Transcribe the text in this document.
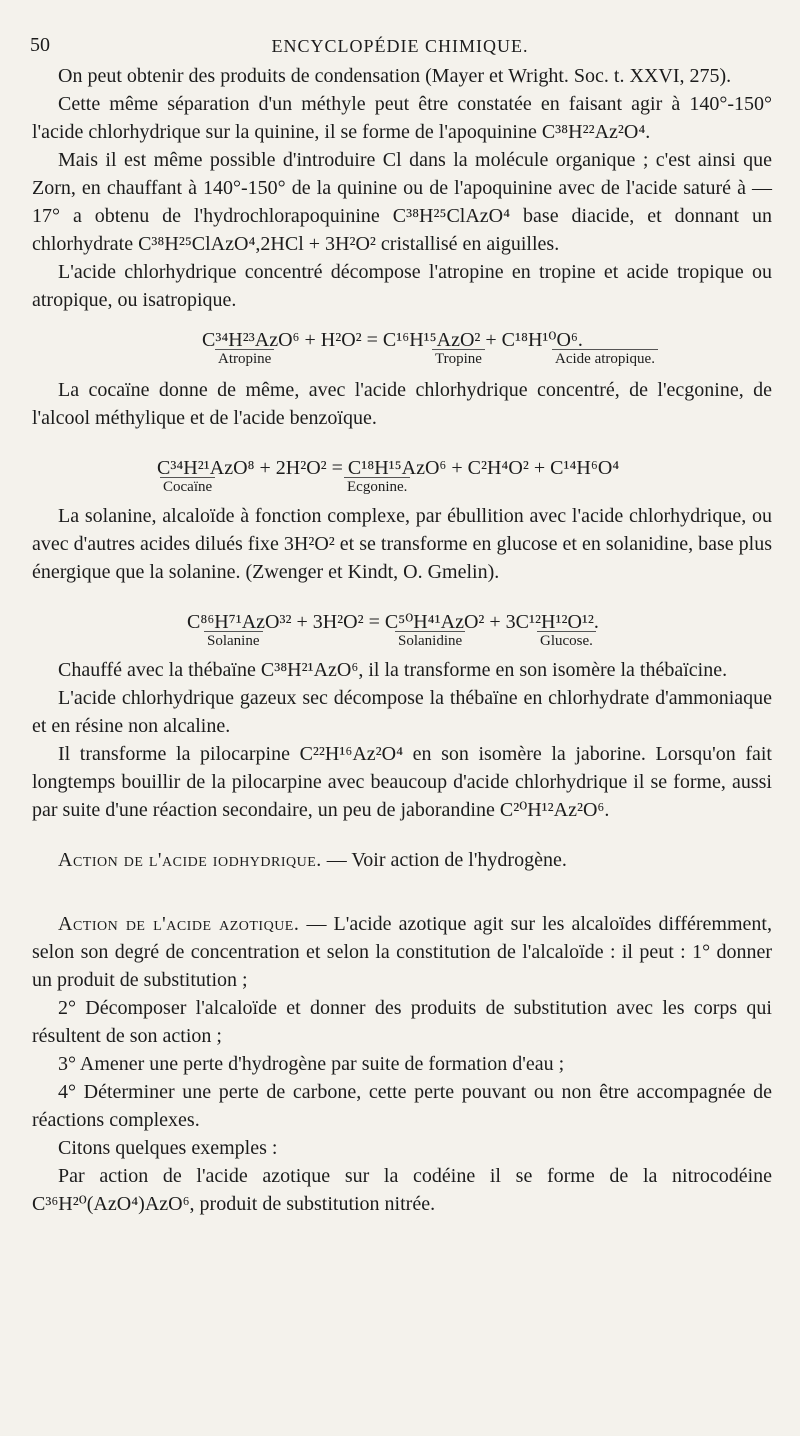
50	ENCYCLOPÉDIE CHIMIQUE.

On peut obtenir des produits de condensation (Mayer et Wright. Soc. t. XXVI, 275).

Cette même séparation d'un méthyle peut être constatée en faisant agir à 140°-150° l'acide chlorhydrique sur la quinine, il se forme de l'apoquinine C³⁸H²²Az²O⁴.

Mais il est même possible d'introduire Cl dans la molécule organique ; c'est ainsi que Zorn, en chauffant à 140°-150° de la quinine ou de l'apoquinine avec de l'acide saturé à — 17° a obtenu de l'hydrochlorapoquinine C³⁸H²⁵ClAzO⁴ base diacide, et donnant un chlorhydrate C³⁸H²⁵ClAzO⁴,2HCl + 3H²O² cristallisé en aiguilles.

L'acide chlorhydrique concentré décompose l'atropine en tropine et acide tropique ou atropique, ou isatropique.

C³⁴H²³AzO⁶ + H²O² = C¹⁶H¹⁵AzO² + C¹⁸H¹⁰O⁶.
Atropine	Tropine	Acide atropique.

La cocaïne donne de même, avec l'acide chlorhydrique concentré, de l'ecgonine, de l'alcool méthylique et de l'acide benzoïque.

C³⁴H²¹AzO⁸ + 2H²O² = C¹⁸H¹⁵AzO⁶ + C²H⁴O² + C¹⁴H⁶O⁴
Cocaïne	Ecgonine.

La solanine, alcaloïde à fonction complexe, par ébullition avec l'acide chlorhydrique, ou avec d'autres acides dilués fixe 3H²O² et se transforme en glucose et en solanidine, base plus énergique que la solanine. (Zwenger et Kindt, O. Gmelin).

C⁸⁶H⁷¹AzO³² + 3H²O² = C⁵⁰H⁴¹AzO² + 3C¹²H¹²O¹².
Solanine	Solanidine	Glucose.

Chauffé avec la thébaïne C³⁸H²¹AzO⁶, il la transforme en son isomère la thébaïcine.

L'acide chlorhydrique gazeux sec décompose la thébaïne en chlorhydrate d'ammoniaque et en résine non alcaline.

Il transforme la pilocarpine C²²H¹⁶Az²O⁴ en son isomère la jaborine. Lorsqu'on fait longtemps bouillir de la pilocarpine avec beaucoup d'acide chlorhydrique il se forme, aussi par suite d'une réaction secondaire, un peu de jaborandine C²⁰H¹²Az²O⁶.

Action de l'acide iodhydrique. — Voir action de l'hydrogène.

Action de l'acide azotique. — L'acide azotique agit sur les alcaloïdes différemment, selon son degré de concentration et selon la constitution de l'alcaloïde : il peut : 1° donner un produit de substitution ;

2° Décomposer l'alcaloïde et donner des produits de substitution avec les corps qui résultent de son action ;

3° Amener une perte d'hydrogène par suite de formation d'eau ;

4° Déterminer une perte de carbone, cette perte pouvant ou non être accompagnée de réactions complexes.

Citons quelques exemples :

Par action de l'acide azotique sur la codéine il se forme de la nitrocodéine C³⁶H²⁰(AzO⁴)AzO⁶, produit de substitution nitrée.
